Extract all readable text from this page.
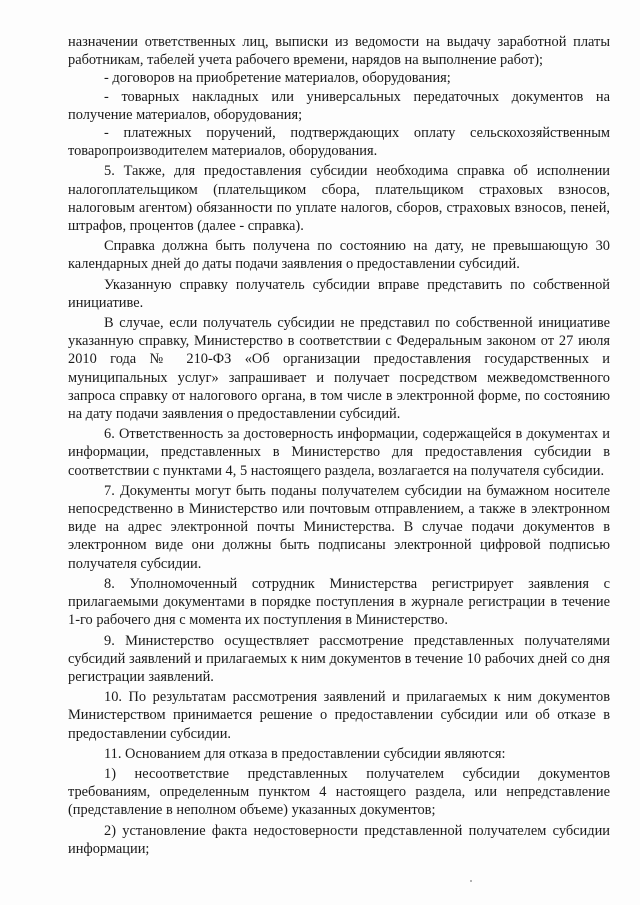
назначении ответственных лиц, выписки из ведомости на выдачу заработной платы работникам, табелей учета рабочего времени, нарядов на выполнение работ);

- договоров на приобретение материалов, оборудования;

- товарных накладных или универсальных передаточных документов на получение материалов, оборудования;

- платежных поручений, подтверждающих оплату сельскохозяйственным товаропроизводителем материалов, оборудования.

5. Также, для предоставления субсидии необходима справка об исполнении налогоплательщиком (плательщиком сбора, плательщиком страховых взносов, налоговым агентом) обязанности по уплате налогов, сборов, страховых взносов, пеней, штрафов, процентов (далее - справка).

Справка должна быть получена по состоянию на дату, не превышающую 30 календарных дней до даты подачи заявления о предоставлении субсидий.

Указанную справку получатель субсидии вправе представить по собственной инициативе.

В случае, если получатель субсидии не представил по собственной инициативе указанную справку, Министерство в соответствии с Федеральным законом от 27 июля 2010 года № 210-ФЗ «Об организации предоставления государственных и муниципальных услуг» запрашивает и получает посредством межведомственного запроса справку от налогового органа, в том числе в электронной форме, по состоянию на дату подачи заявления о предоставлении субсидий.

6. Ответственность за достоверность информации, содержащейся в документах и информации, представленных в Министерство для предоставления субсидии в соответствии с пунктами 4, 5 настоящего раздела, возлагается на получателя субсидии.

7. Документы могут быть поданы получателем субсидии на бумажном носителе непосредственно в Министерство или почтовым отправлением, а также в электронном виде на адрес электронной почты Министерства. В случае подачи документов в электронном виде они должны быть подписаны электронной цифровой подписью получателя субсидии.

8. Уполномоченный сотрудник Министерства регистрирует заявления с прилагаемыми документами в порядке поступления в журнале регистрации в течение 1-го рабочего дня с момента их поступления в Министерство.

9. Министерство осуществляет рассмотрение представленных получателями субсидий заявлений и прилагаемых к ним документов в течение 10 рабочих дней со дня регистрации заявлений.

10. По результатам рассмотрения заявлений и прилагаемых к ним документов Министерством принимается решение о предоставлении субсидии или об отказе в предоставлении субсидии.

11. Основанием для отказа в предоставлении субсидии являются:

1) несоответствие представленных получателем субсидии документов требованиям, определенным пунктом 4 настоящего раздела, или непредставление (представление в неполном объеме) указанных документов;

2) установление факта недостоверности представленной получателем субсидии информации;
